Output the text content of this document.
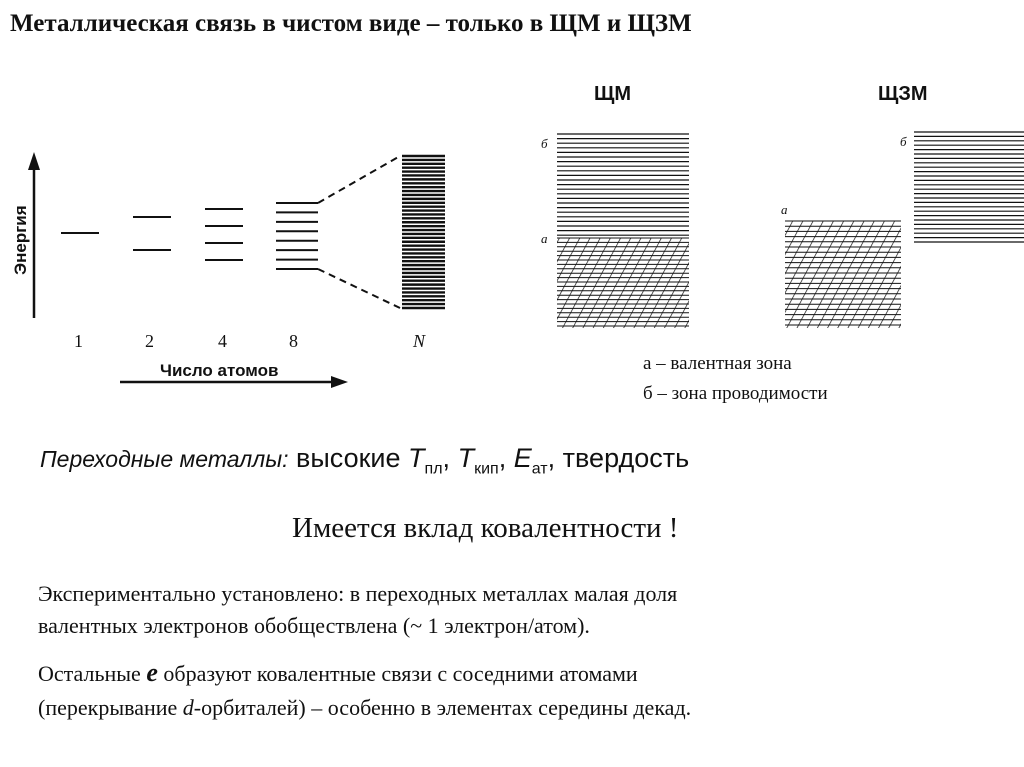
Металлическая связь в чистом виде – только в ЩМ и ЩЗМ
Энергия
1	2	4	8	N
Число атомов
ЩМ	ЩЗМ
б
а
б
а
а – валентная зона
б – зона проводимости
Переходные металлы: высокие $T_{пл}$, $T_{кип}$, $E_{ат}$, твердость
Имеется вклад ковалентности !
Экспериментально установлено: в переходных металлах малая доля
валентных электронов обобществлена (~ 1 электрон/атом).
Остальные e образуют ковалентные связи с соседними атомами
(перекрывание d-орбиталей) – особенно в элементах середины декад.
